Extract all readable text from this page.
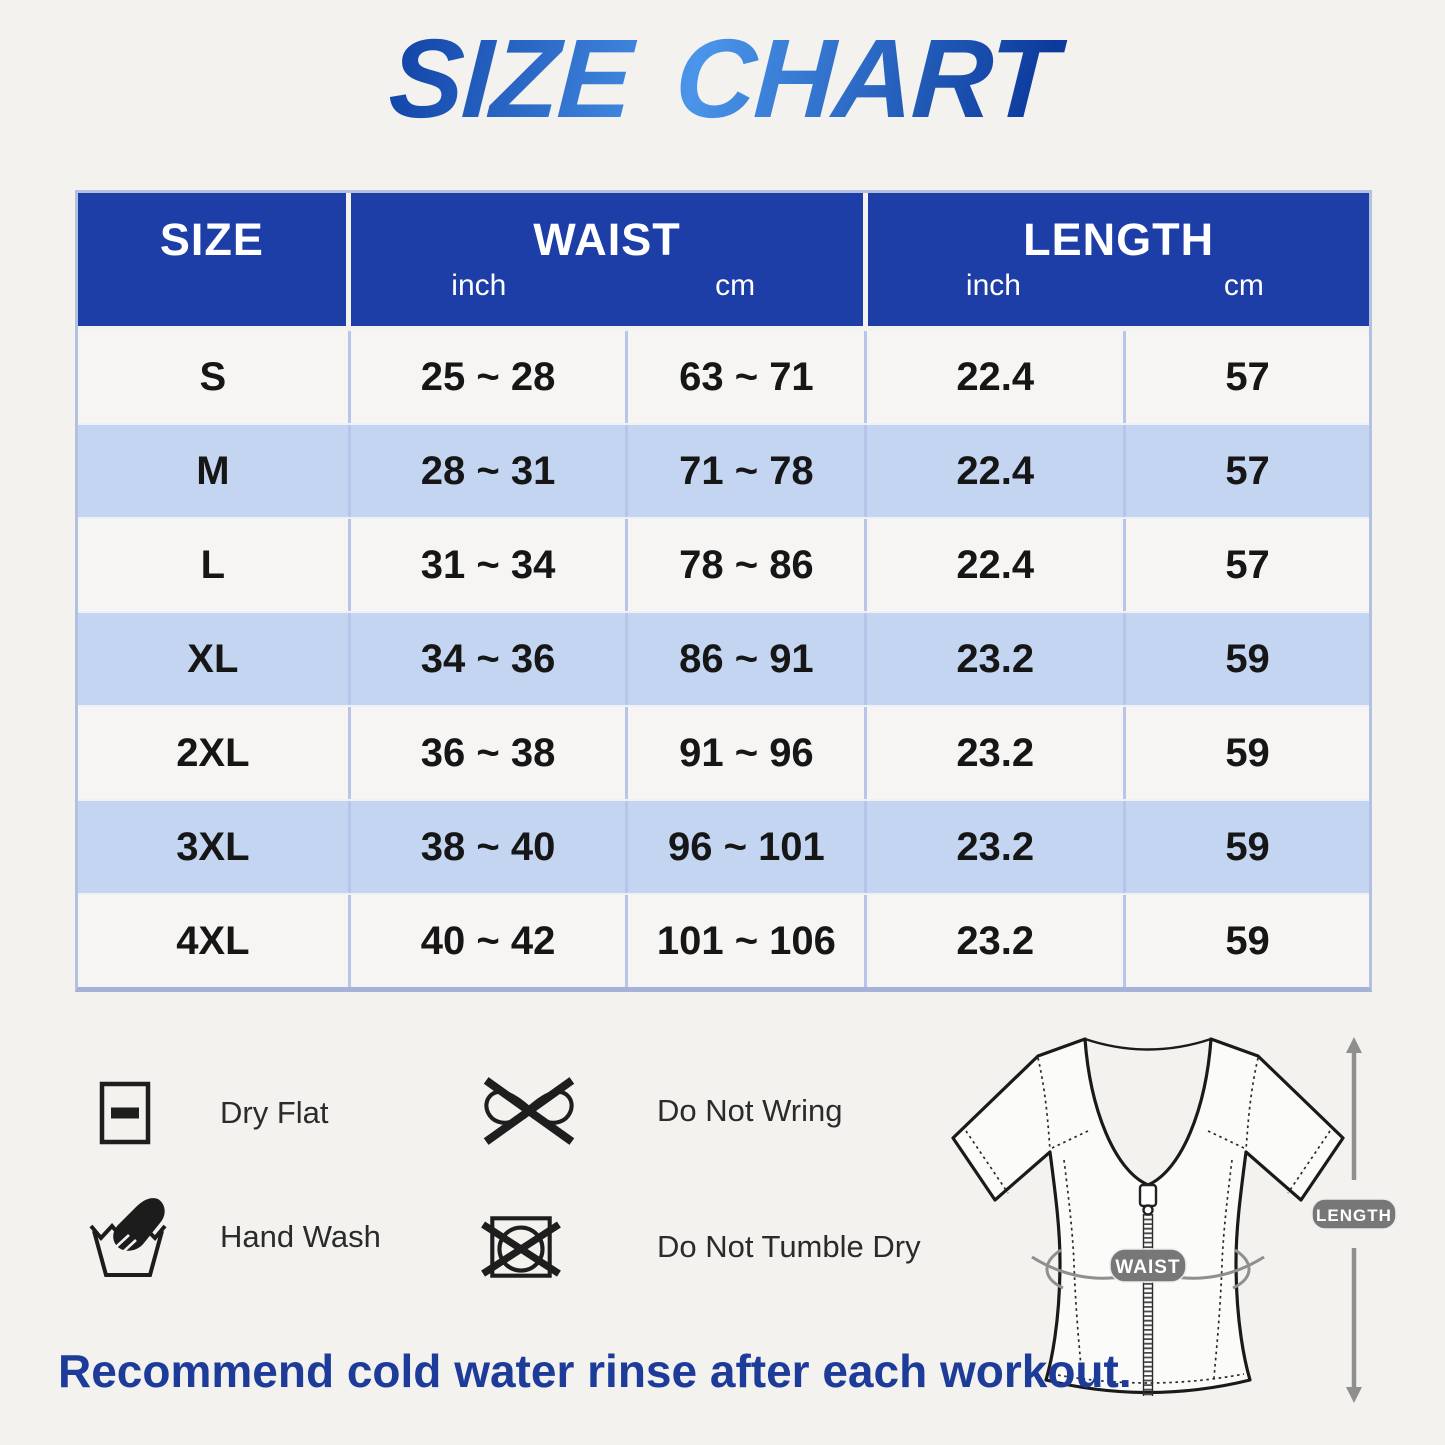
SIZE CHART
SIZE	WAIST
inch	cm
LENGTH
inch	cm
S	25 ~ 28	63 ~ 71	22.4	57
M	28 ~ 31	71 ~ 78	22.4	57
L	31 ~ 34	78 ~ 86	22.4	57
XL	34 ~ 36	86 ~ 91	23.2	59
2XL	36 ~ 38	91 ~ 96	23.2	59
3XL	38 ~ 40	96 ~ 101	23.2	59
4XL	40 ~ 42	101 ~ 106	23.2	59
Dry Flat	Do Not Wring
Hand Wash	Do Not Tumble Dry
WAIST
LENGTH

Recommend cold water rinse after each workout.
